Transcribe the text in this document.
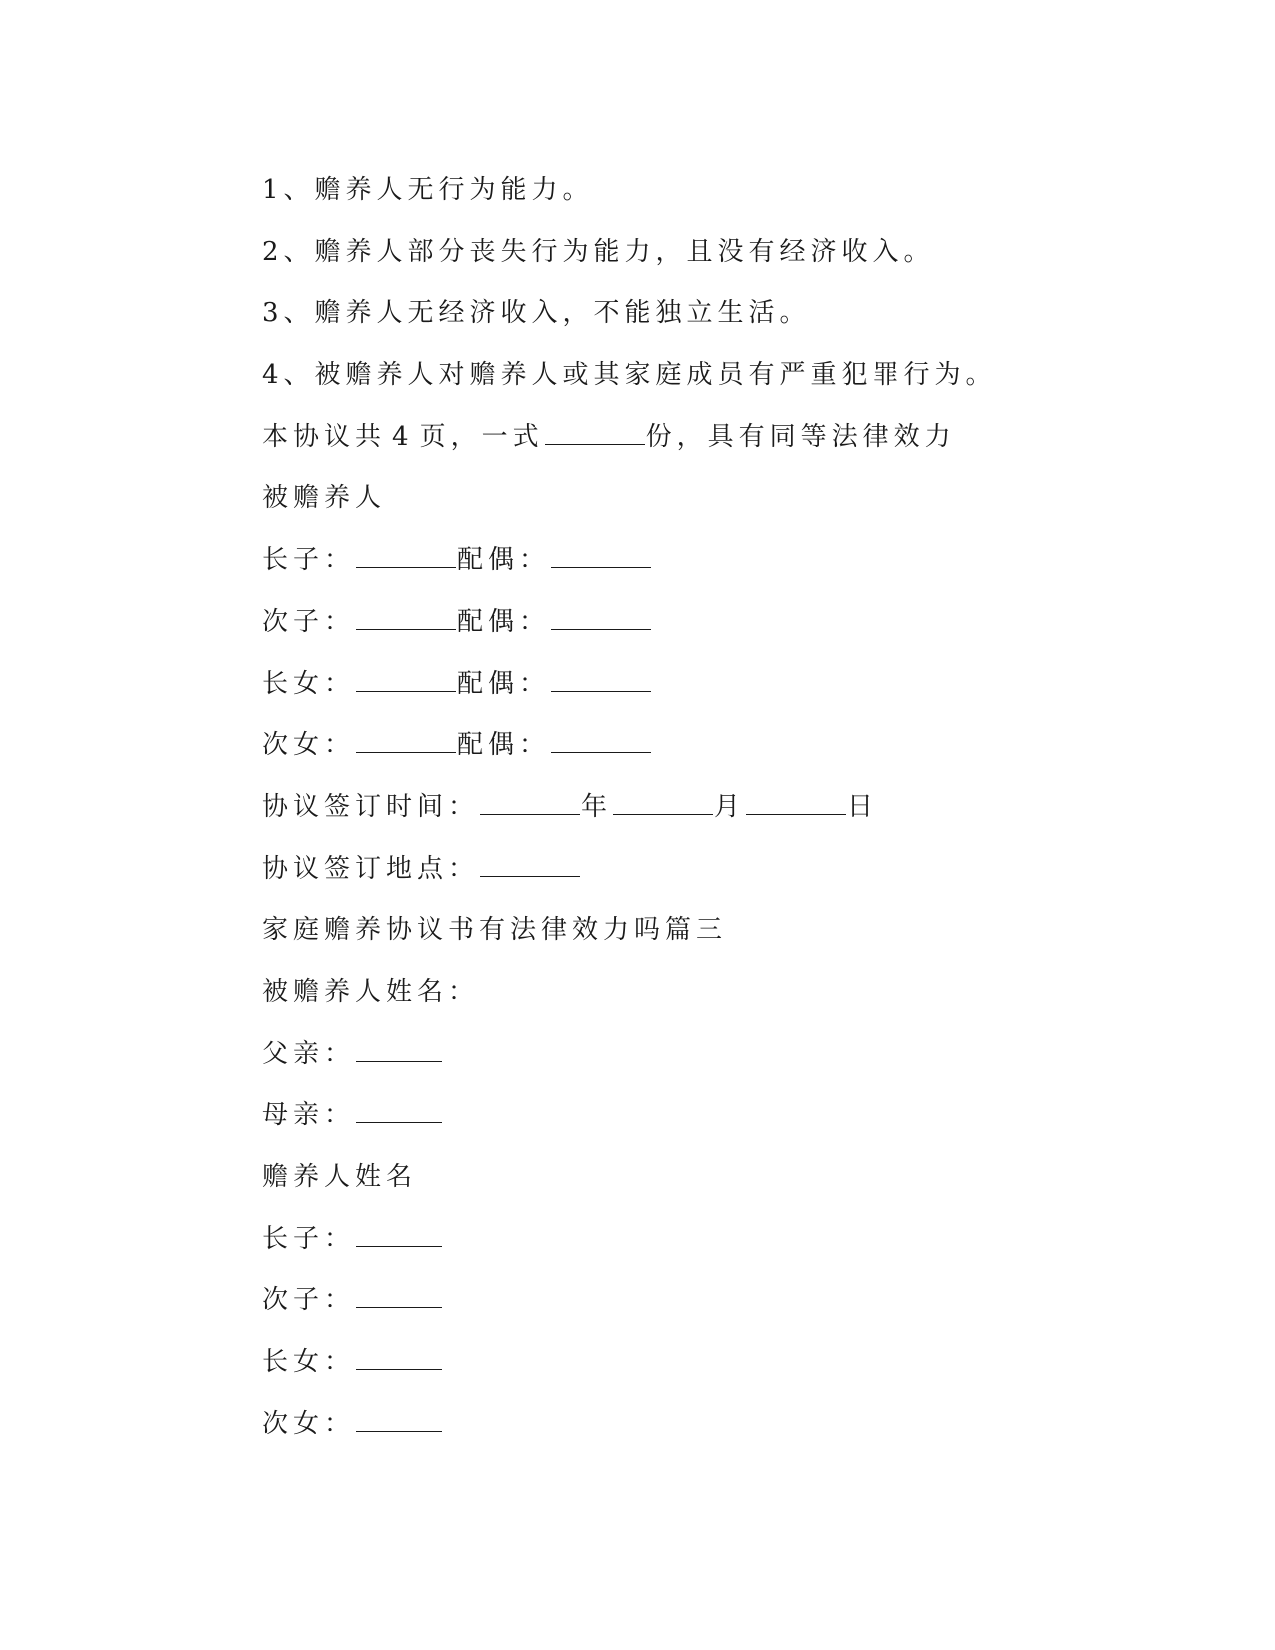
1、赡养人无行为能力。
2、赡养人部分丧失行为能力，且没有经济收入。
3、赡养人无经济收入，不能独立生活。
4、被赡养人对赡养人或其家庭成员有严重犯罪行为。
本协议共 4 页，一式	份，具有同等法律效力
被赡养人
长子：	配偶：
次子：	配偶：
长女：	配偶：
次女：	配偶：
协议签订时间：	年	月	日
协议签订地点：
家庭赡养协议书有法律效力吗篇三
被赡养人姓名：
父亲：
母亲：
赡养人姓名
长子：
次子：
长女：
次女：
